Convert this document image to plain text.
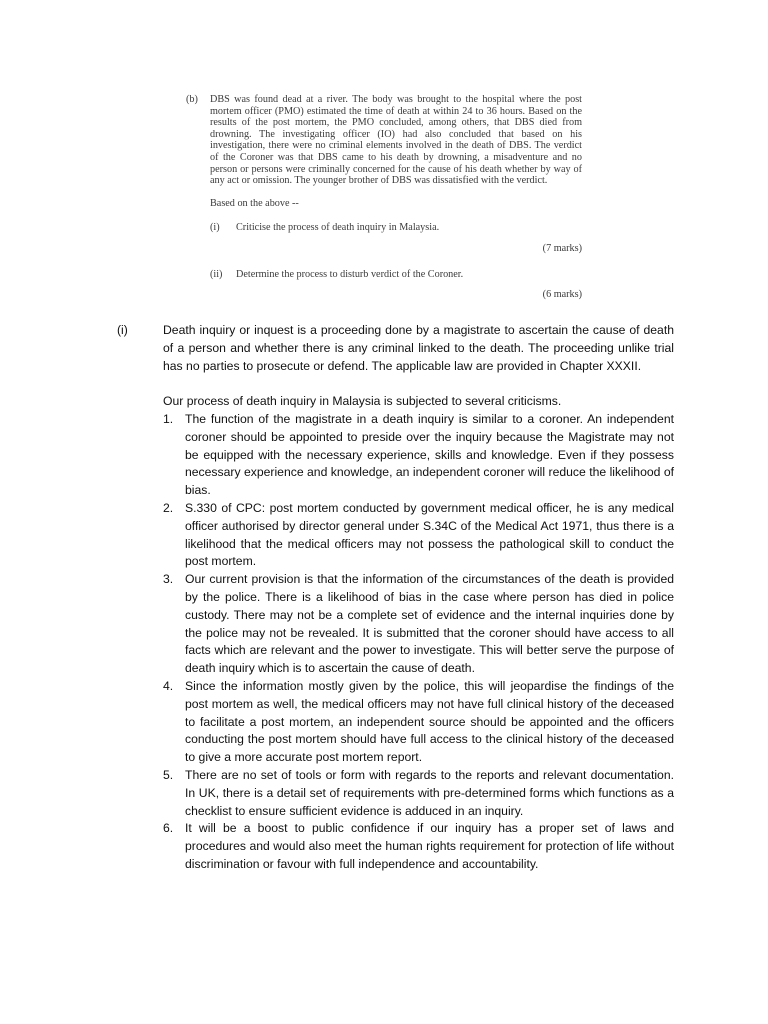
(b) DBS was found dead at a river. The body was brought to the hospital where the post mortem officer (PMO) estimated the time of death at within 24 to 36 hours. Based on the results of the post mortem, the PMO concluded, among others, that DBS died from drowning. The investigating officer (IO) had also concluded that based on his investigation, there were no criminal elements involved in the death of DBS. The verdict of the Coroner was that DBS came to his death by drowning, a misadventure and no person or persons were criminally concerned for the cause of his death whether by way of any act or omission. The younger brother of DBS was dissatisfied with the verdict.
Based on the above --
(i) Criticise the process of death inquiry in Malaysia.
(7 marks)
(ii) Determine the process to disturb verdict of the Coroner.
(6 marks)
(i)	Death inquiry or inquest is a proceeding done by a magistrate to ascertain the cause of death of a person and whether there is any criminal linked to the death. The proceeding unlike trial has no parties to prosecute or defend. The applicable law are provided in Chapter XXXII.

Our process of death inquiry in Malaysia is subjected to several criticisms.

1. The function of the magistrate in a death inquiry is similar to a coroner. An independent coroner should be appointed to preside over the inquiry because the Magistrate may not be equipped with the necessary experience, skills and knowledge. Even if they possess necessary experience and knowledge, an independent coroner will reduce the likelihood of bias.
2. S.330 of CPC: post mortem conducted by government medical officer, he is any medical officer authorised by director general under S.34C of the Medical Act 1971, thus there is a likelihood that the medical officers may not possess the pathological skill to conduct the post mortem.
3. Our current provision is that the information of the circumstances of the death is provided by the police. There is a likelihood of bias in the case where person has died in police custody. There may not be a complete set of evidence and the internal inquiries done by the police may not be revealed. It is submitted that the coroner should have access to all facts which are relevant and the power to investigate. This will better serve the purpose of death inquiry which is to ascertain the cause of death.
4. Since the information mostly given by the police, this will jeopardise the findings of the post mortem as well, the medical officers may not have full clinical history of the deceased to facilitate a post mortem, an independent source should be appointed and the officers conducting the post mortem should have full access to the clinical history of the deceased to give a more accurate post mortem report.
5. There are no set of tools or form with regards to the reports and relevant documentation. In UK, there is a detail set of requirements with pre-determined forms which functions as a checklist to ensure sufficient evidence is adduced in an inquiry.
6. It will be a boost to public confidence if our inquiry has a proper set of laws and procedures and would also meet the human rights requirement for protection of life without discrimination or favour with full independence and accountability.
